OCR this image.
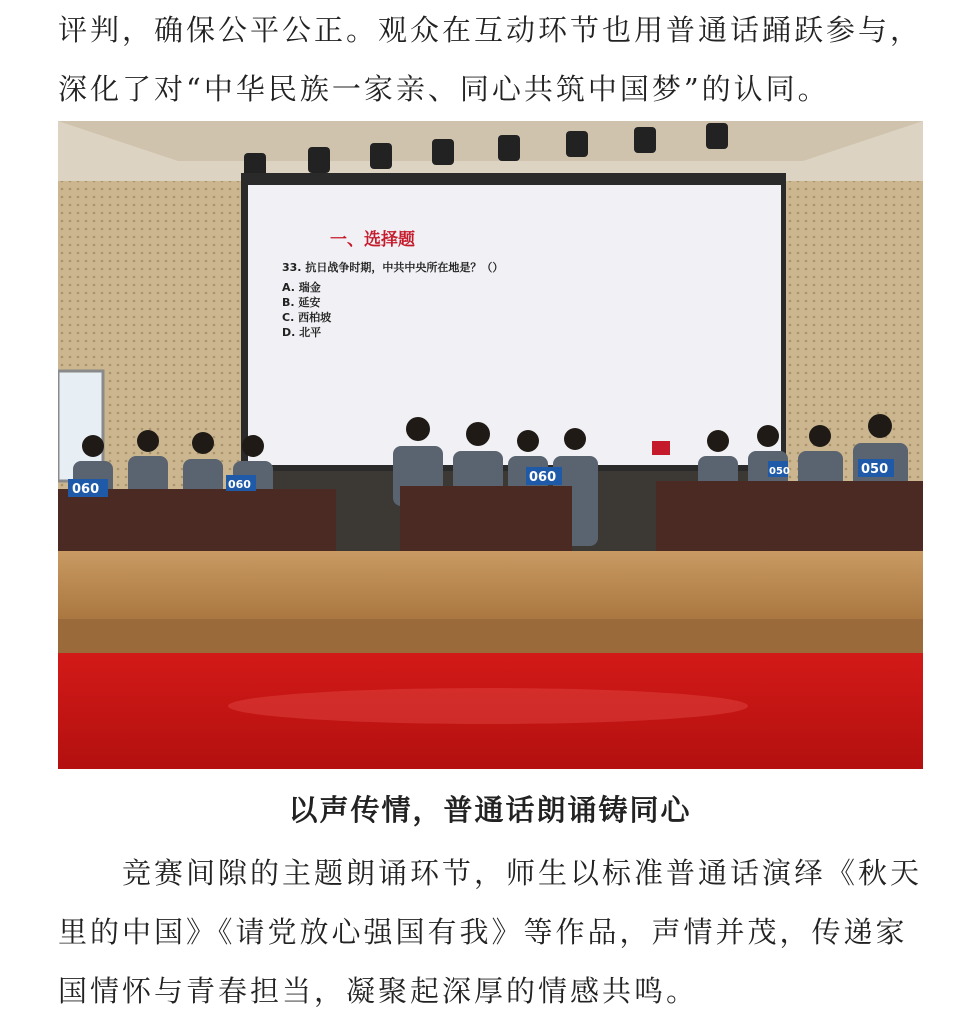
评判，确保公平公正。观众在互动环节也用普通话踊跃参与，深化了对“中华民族一家亲、同心共筑中国梦”的认同。

一、选择题
33. 抗日战争时期，中共中央所在地是？（）
A. 瑞金
B. 延安
C. 西柏坡
D. 北平
060	060	060	050	050
以声传情，普通话朗诵铸同心

竞赛间隙的主题朗诵环节，师生以标准普通话演绎《秋天里的中国》《请党放心强国有我》等作品，声情并茂，传递家国情怀与青春担当，凝聚起深厚的情感共鸣。
